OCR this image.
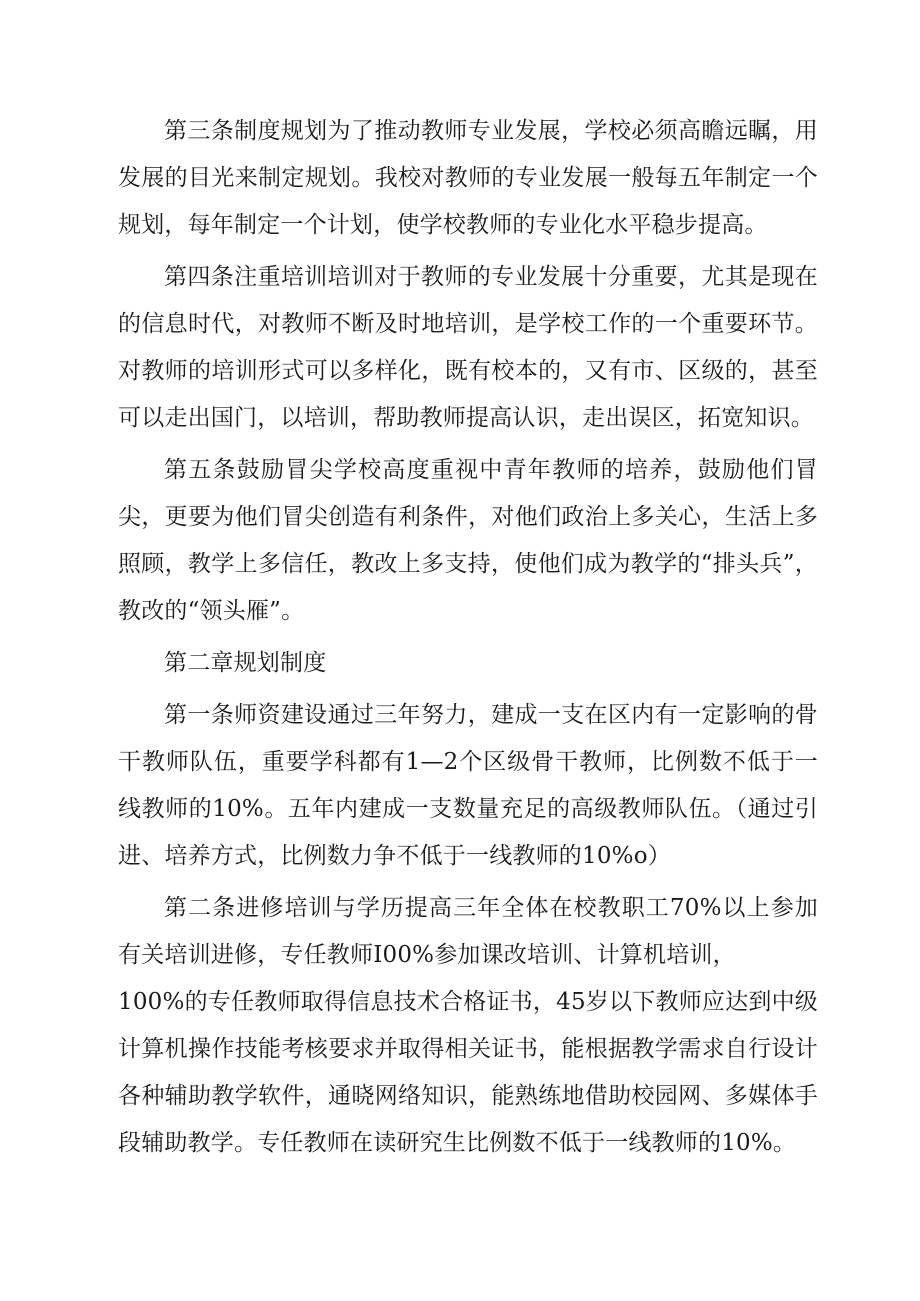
第三条制度规划为了推动教师专业发展，学校必须高瞻远瞩，用发展的目光来制定规划。我校对教师的专业发展一般每五年制定一个规划，每年制定一个计划，使学校教师的专业化水平稳步提高。

第四条注重培训培训对于教师的专业发展十分重要，尤其是现在的信息时代，对教师不断及时地培训，是学校工作的一个重要环节。对教师的培训形式可以多样化，既有校本的，又有市、区级的，甚至可以走出国门，以培训，帮助教师提高认识，走出误区，拓宽知识。

第五条鼓励冒尖学校高度重视中青年教师的培养，鼓励他们冒尖，更要为他们冒尖创造有利条件，对他们政治上多关心，生活上多照顾，教学上多信任，教改上多支持，使他们成为教学的“排头兵”，教改的“领头雁”。

第二章规划制度

第一条师资建设通过三年努力，建成一支在区内有一定影响的骨干教师队伍，重要学科都有1—2个区级骨干教师，比例数不低于一线教师的10%。五年内建成一支数量充足的高级教师队伍。（通过引进、培养方式，比例数力争不低于一线教师的10%o）

第二条进修培训与学历提高三年全体在校教职工70%以上参加有关培训进修，专任教师I00%参加课改培训、计算机培训，

100%的专任教师取得信息技术合格证书，45岁以下教师应达到中级计算机操作技能考核要求并取得相关证书，能根据教学需求自行设计各种辅助教学软件，通晓网络知识，能熟练地借助校园网、多媒体手段辅助教学。专任教师在读研究生比例数不低于一线教师的10%。
